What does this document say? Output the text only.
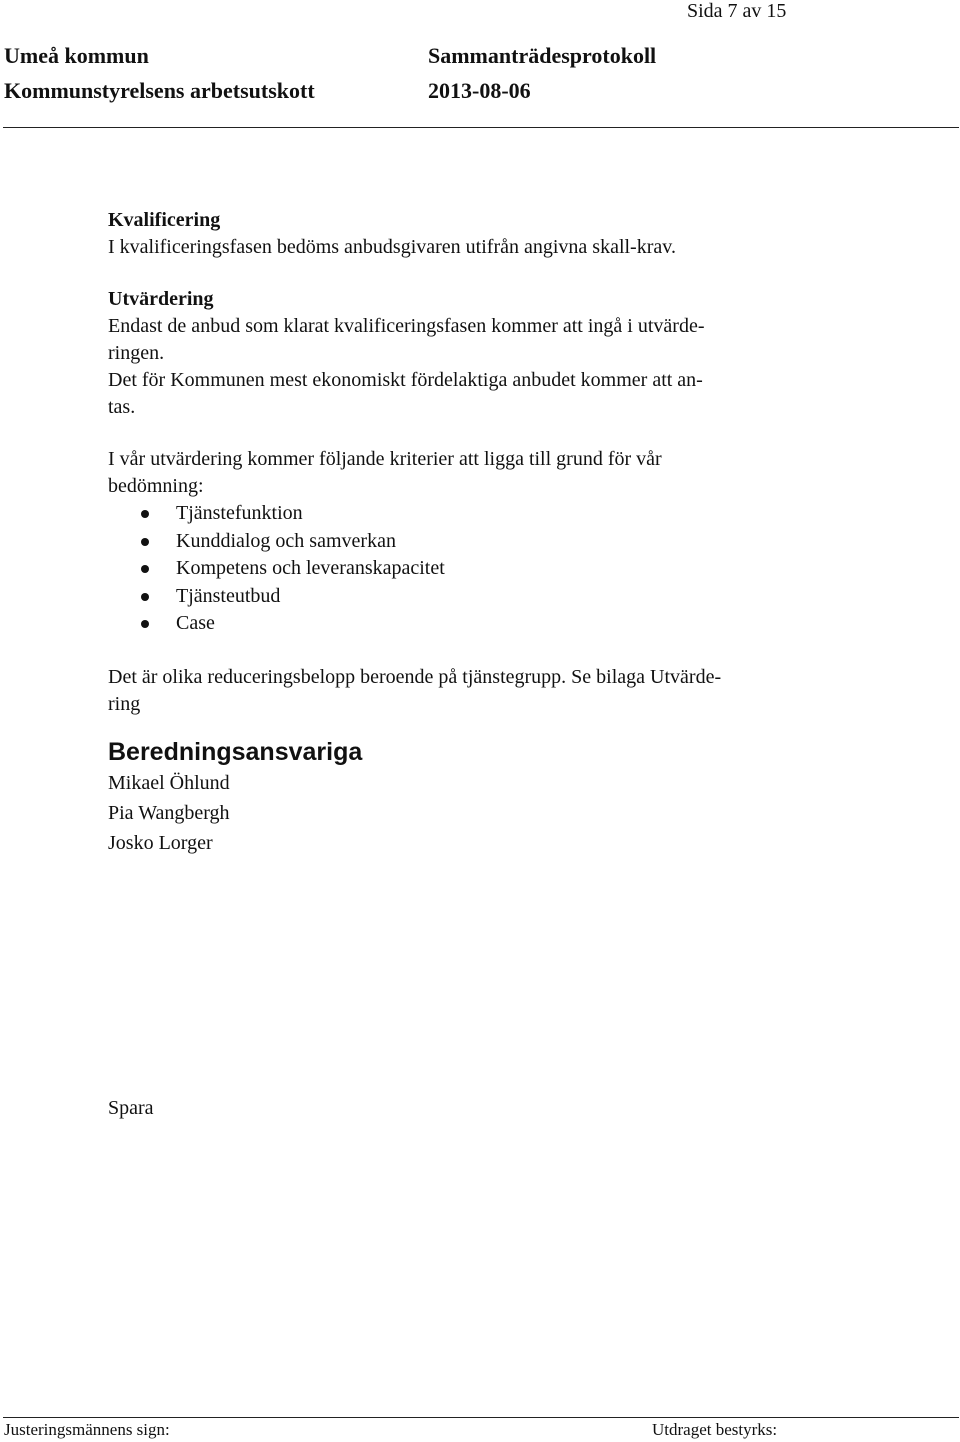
Sida 7 av 15
Umeå kommun
Kommunstyrelsens arbetsutskott
Sammanträdesprotokoll
2013-08-06

Kvalificering

I kvalificeringsfasen bedöms anbudsgivaren utifrån angivna skall-krav.

Utvärdering

Endast de anbud som klarat kvalificeringsfasen kommer att ingå i utvärde-

ringen.

Det för Kommunen mest ekonomiskt fördelaktiga anbudet kommer att an-

tas.

I vår utvärdering kommer följande kriterier att ligga till grund för vår

bedömning:

Tjänstefunktion
Kunddialog och samverkan
Kompetens och leveranskapacitet
Tjänsteutbud
Case

Det är olika reduceringsbelopp beroende på tjänstegrupp. Se bilaga Utvärde-

ring

Beredningsansvariga

Mikael Öhlund

Pia Wangbergh

Josko Lorger

Spara
Justeringsmännens sign:	Utdraget bestyrks:
